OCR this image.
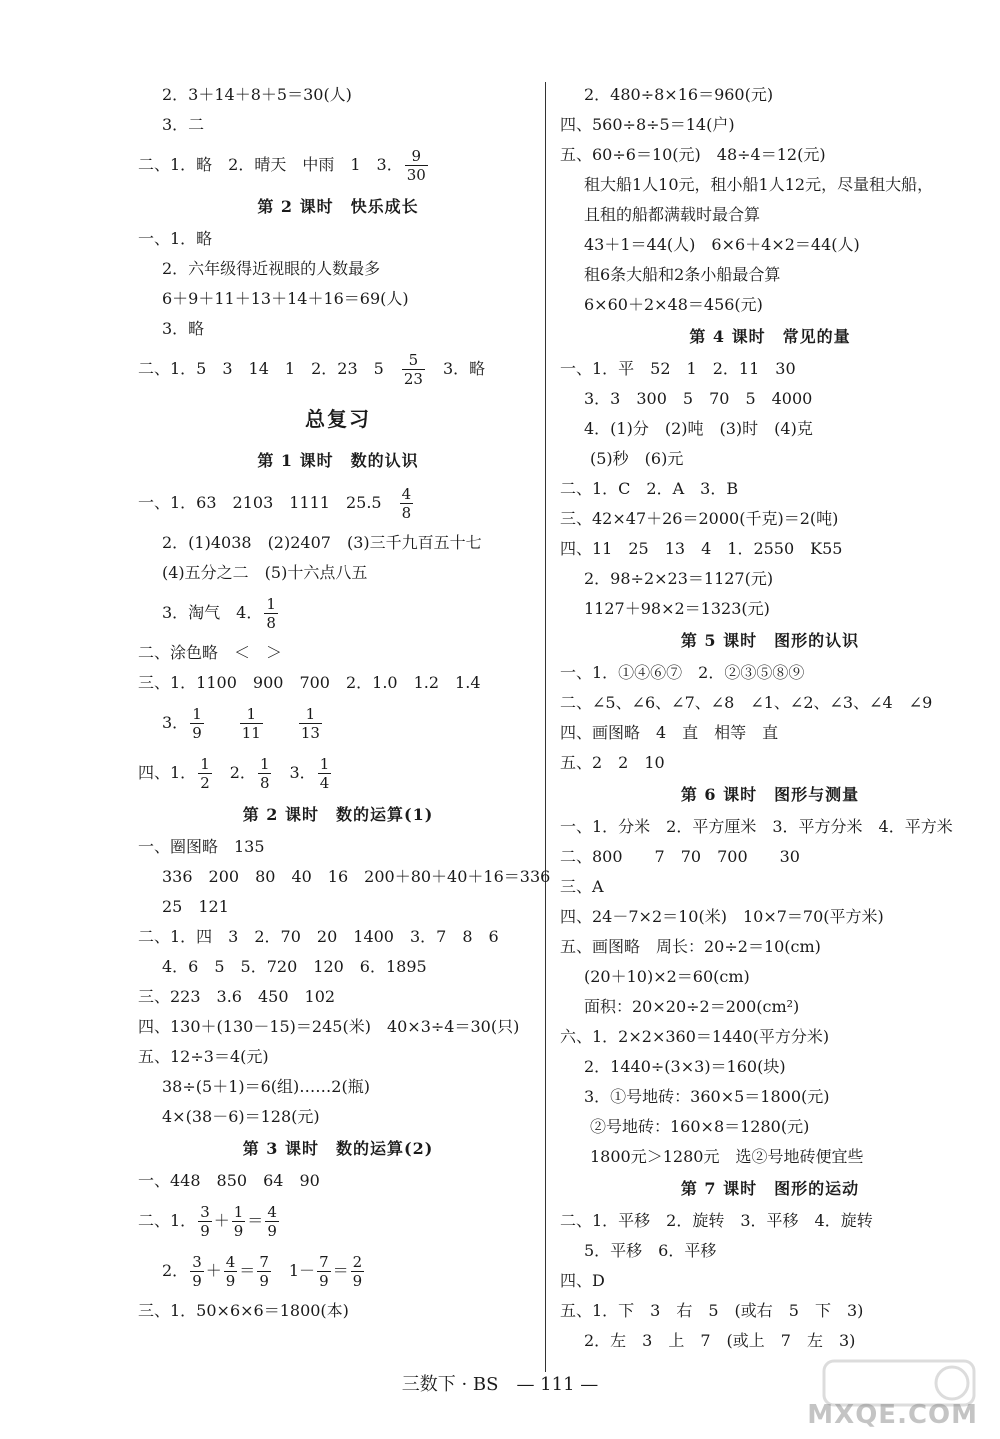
2．3＋14＋8＋5＝30(人)
3．二
二、1．略　2．晴天　中雨　1　3． $\frac{9}{30}$
第 2 课时　快乐成长
一、1．略
2．六年级得近视眼的人数最多
6＋9＋11＋13＋14＋16＝69(人)
3．略
二、1．5　3　14　1　2．23　5　 $\frac{5}{23}$
　 3．略
总复习
第 1 课时　数的认识
一、1．63　2103　1111　25.5　 $\frac{4}{8}$
2．(1)4038　(2)2407　(3)三千九百五十七
(4)五分之二　(5)十六点八五
3．淘气　4． $\frac{1}{8}$
二、涂色略　＜　＞
三、1．1100　900　700　2．1.0　1.2　1.4
3． $\frac{1}{9}$
　　 $\frac{1}{11}$
　　 $\frac{1}{13}$
四、1． $\frac{1}{2}$
　 2． $\frac{1}{8}$
　 3． $\frac{1}{4}$
第 2 课时　数的运算(1)
一、圈图略　135
336　200　80　40　16　200＋80＋40＋16＝336
25　121
二、1．四　3　2．70　20　1400　3．7　8　6
4．6　5　5．720　120　6．1895
三、223　3.6　450　102
四、130＋(130－15)＝245(米)　40×3÷4＝30(只)
五、12÷3＝4(元)
38÷(5＋1)＝6(组)……2(瓶)
4×(38－6)＝128(元)
第 3 课时　数的运算(2)
一、448　850　64　90
二、1． $\frac{3}{9} + \frac{1}{9} = \frac{4}{9}$
2． $\frac{3}{9} + \frac{4}{9} = \frac{7}{9}$
　 $1- \frac{7}{9} = \frac{2}{9}$
三、1．50×6×6＝1800(本)
2．480÷8×16＝960(元)
四、560÷8÷5＝14(户)
五、60÷6＝10(元)　48÷4＝12(元)
租大船1人10元，租小船1人12元，尽量租大船，
且租的船都满载时最合算
43＋1＝44(人)　6×6＋4×2＝44(人)
租6条大船和2条小船最合算
6×60＋2×48＝456(元)
第 4 课时　常见的量
一、1．平　52　1　2．11　30
3．3　300　5　70　5　4000
4．(1)分　(2)吨　(3)时　(4)克
(5)秒　(6)元
二、1．C　2．A　3．B
三、42×47＋26＝2000(千克)＝2(吨)
四、11　25　13　4　1．2550　K55
2．98÷2×23＝1127(元)
1127＋98×2＝1323(元)
第 5 课时　图形的认识
一、1．①④⑥⑦　2．②③⑤⑧⑨
二、∠5、∠6、∠7、∠8　∠1、∠2、∠3、∠4　∠9
四、画图略　4　直　相等　直
五、2　2　10
第 6 课时　图形与测量
一、1．分米　2．平方厘米　3．平方分米　4．平方米
二、800　　7　70　700　　30
三、A
四、24－7×2＝10(米)　10×7＝70(平方米)
五、画图略　周长：20÷2＝10(cm)
(20＋10)×2＝60(cm)
面积：20×20÷2＝200(cm²)
六、1．2×2×360＝1440(平方分米)
2．1440÷(3×3)＝160(块)
3．①号地砖：360×5＝1800(元)
②号地砖：160×8＝1280(元)
1800元＞1280元　选②号地砖便宜些
第 7 课时　图形的运动
二、1．平移　2．旋转　3．平移　4．旋转
5．平移　6．平移
四、D
五、1．下　3　右　5　(或右　5　下　3)
2．左　3　上　7　(或上　7　左　3)
三数下 · BS　— 111 —
MXQE.COM
